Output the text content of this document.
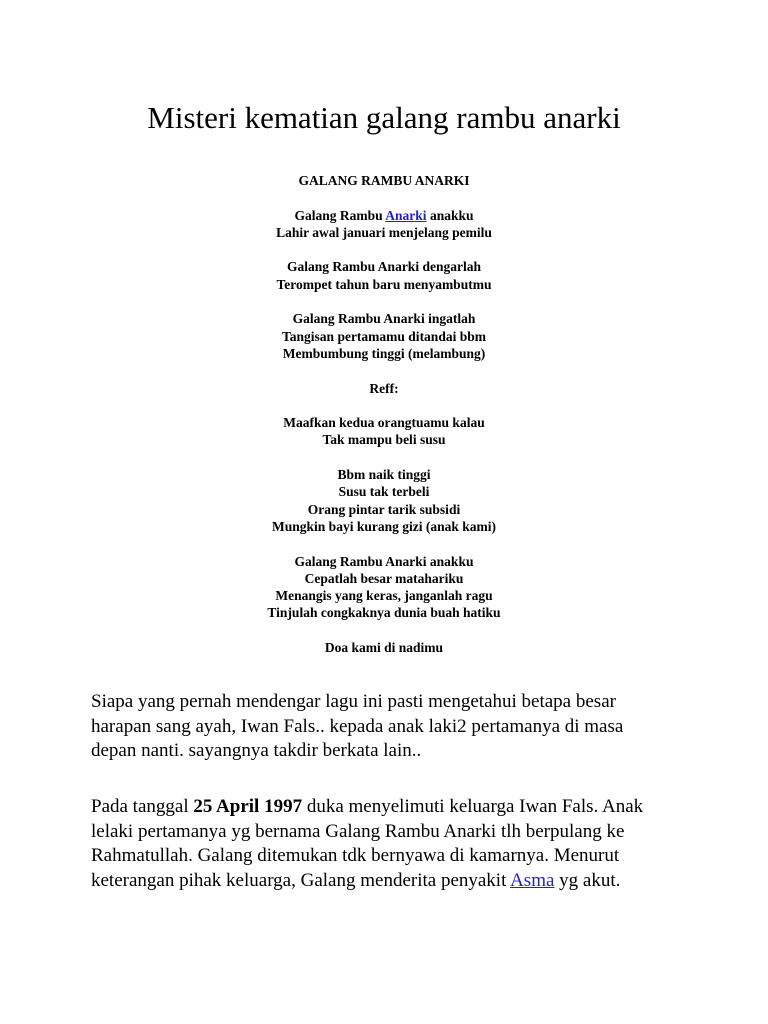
Misteri kematian galang rambu anarki
GALANG RAMBU ANARKI
Galang Rambu Anarki anakku
Lahir awal januari menjelang pemilu
Galang Rambu Anarki dengarlah
Terompet tahun baru menyambutmu
Galang Rambu Anarki ingatlah
Tangisan pertamamu ditandai bbm
Membumbung tinggi (melambung)
Reff:
Maafkan kedua orangtuamu kalau
Tak mampu beli susu
Bbm naik tinggi
Susu tak terbeli
Orang pintar tarik subsidi
Mungkin bayi kurang gizi (anak kami)
Galang Rambu Anarki anakku
Cepatlah besar matahariku
Menangis yang keras, janganlah ragu
Tinjulah congkaknya dunia buah hatiku
Doa kami di nadimu

Siapa yang pernah mendengar lagu ini pasti mengetahui betapa besar
harapan sang ayah, Iwan Fals.. kepada anak laki2 pertamanya di masa
depan nanti. sayangnya takdir berkata lain..

Pada tanggal 25 April 1997 duka menyelimuti keluarga Iwan Fals. Anak
lelaki pertamanya yg bernama Galang Rambu Anarki tlh berpulang ke
Rahmatullah. Galang ditemukan tdk bernyawa di kamarnya. Menurut
keterangan pihak keluarga, Galang menderita penyakit Asma yg akut.
